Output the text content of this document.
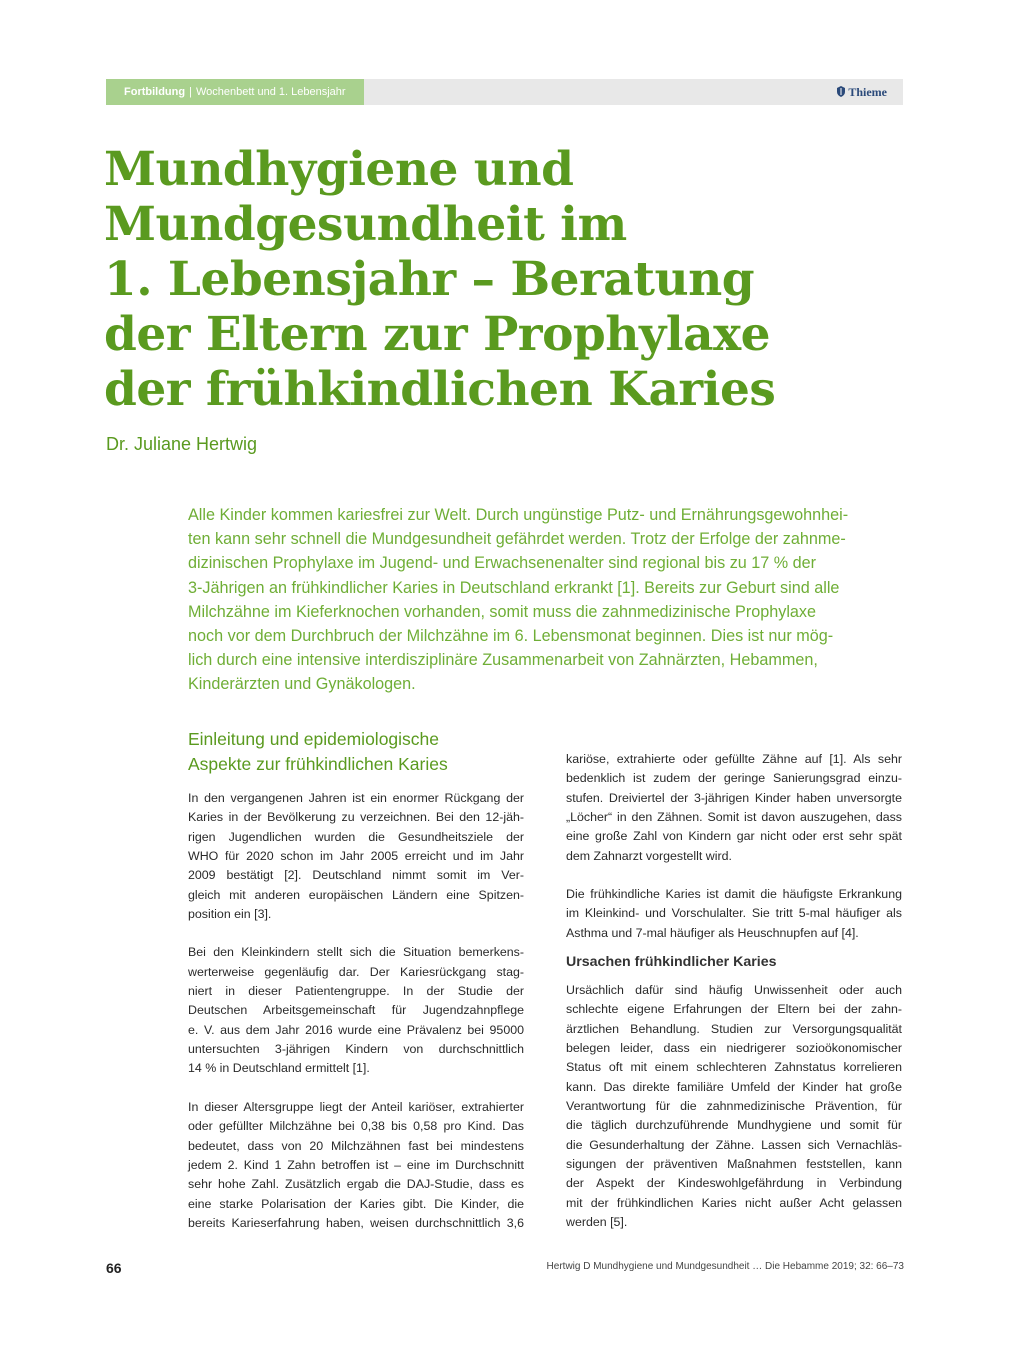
Fortbildung | Wochenbett und 1. Lebensjahr	Thieme
Mundhygiene und
Mundgesundheit im
1. Lebensjahr – Beratung
der Eltern zur Prophylaxe
der frühkindlichen Karies
Dr. Juliane Hertwig

Alle Kinder kommen kariesfrei zur Welt. Durch ungünstige Putz- und Ernährungsgewohnhei-
ten kann sehr schnell die Mundgesundheit gefährdet werden. Trotz der Erfolge der zahnme-
dizinischen Prophylaxe im Jugend- und Erwachsenenalter sind regional bis zu 17 % der
3-Jährigen an frühkindlicher Karies in Deutschland erkrankt [1]. Bereits zur Geburt sind alle
Milchzähne im Kieferknochen vorhanden, somit muss die zahnmedizinische Prophylaxe
noch vor dem Durchbruch der Milchzähne im 6. Lebensmonat beginnen. Dies ist nur mög-
lich durch eine intensive interdisziplinäre Zusammenarbeit von Zahnärzten, Hebammen,
Kinderärzten und Gynäkologen.

Einleitung und epidemiologische
Aspekte zur frühkindlichen Karies
In den vergangenen Jahren ist ein enormer Rückgang der
Karies in der Bevölkerung zu verzeichnen. Bei den 12-jäh-
rigen Jugendlichen wurden die Gesundheitsziele der
WHO für 2020 schon im Jahr 2005 erreicht und im Jahr
2009 bestätigt [2]. Deutschland nimmt somit im Ver-
gleich mit anderen europäischen Ländern eine Spitzen-
position ein [3].
Bei den Kleinkindern stellt sich die Situation bemerkens-
werterweise gegenläufig dar. Der Kariesrückgang stag-
niert in dieser Patientengruppe. In der Studie der
Deutschen Arbeitsgemeinschaft für Jugendzahnpflege
e. V. aus dem Jahr 2016 wurde eine Prävalenz bei 95000
untersuchten 3-jährigen Kindern von durchschnittlich
14 % in Deutschland ermittelt [1].
In dieser Altersgruppe liegt der Anteil kariöser, extrahierter
oder gefüllter Milchzähne bei 0,38 bis 0,58 pro Kind. Das
bedeutet, dass von 20 Milchzähnen fast bei mindestens
jedem 2. Kind 1 Zahn betroffen ist – eine im Durchschnitt
sehr hohe Zahl. Zusätzlich ergab die DAJ-Studie, dass es
eine starke Polarisation der Karies gibt. Die Kinder, die
bereits Karieserfahrung haben, weisen durchschnittlich 3,6
kariöse, extrahierte oder gefüllte Zähne auf [1]. Als sehr
bedenklich ist zudem der geringe Sanierungsgrad einzu-
stufen. Dreiviertel der 3-jährigen Kinder haben unversorgte
„Löcher“ in den Zähnen. Somit ist davon auszugehen, dass
eine große Zahl von Kindern gar nicht oder erst sehr spät
dem Zahnarzt vorgestellt wird.
Die frühkindliche Karies ist damit die häufigste Erkrankung
im Kleinkind- und Vorschulalter. Sie tritt 5-mal häufiger als
Asthma und 7-mal häufiger als Heuschnupfen auf [4].
Ursachen frühkindlicher Karies
Ursächlich dafür sind häufig Unwissenheit oder auch
schlechte eigene Erfahrungen der Eltern bei der zahn-
ärztlichen Behandlung. Studien zur Versorgungsqualität
belegen leider, dass ein niedrigerer sozioökonomischer
Status oft mit einem schlechteren Zahnstatus korrelieren
kann. Das direkte familiäre Umfeld der Kinder hat große
Verantwortung für die zahnmedizinische Prävention, für
die täglich durchzuführende Mundhygiene und somit für
die Gesunderhaltung der Zähne. Lassen sich Vernachläs-
sigungen der präventiven Maßnahmen feststellen, kann
der Aspekt der Kindeswohlgefährdung in Verbindung
mit der frühkindlichen Karies nicht außer Acht gelassen
werden [5].
66	Hertwig D Mundhygiene und Mundgesundheit … Die Hebamme 2019; 32: 66–73
